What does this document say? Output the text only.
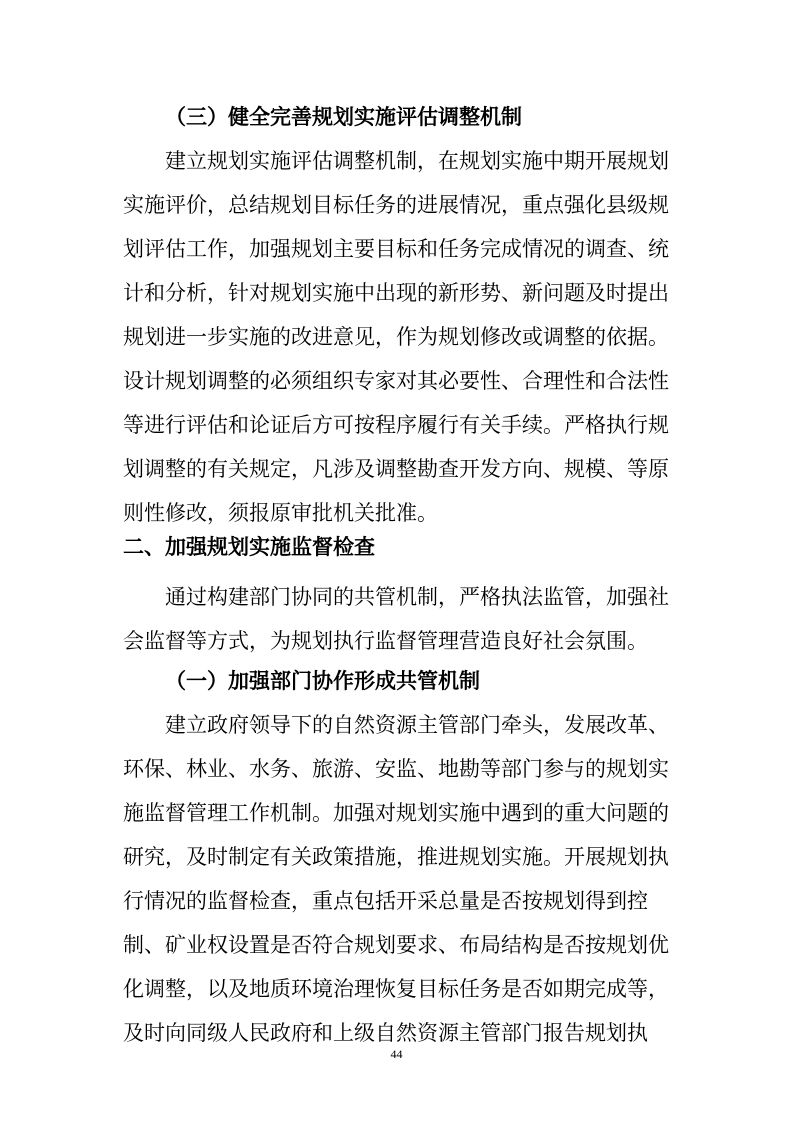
（三）健全完善规划实施评估调整机制
建立规划实施评估调整机制，在规划实施中期开展规划
实施评价，总结规划目标任务的进展情况，重点强化县级规
划评估工作，加强规划主要目标和任务完成情况的调查、统
计和分析，针对规划实施中出现的新形势、新问题及时提出
规划进一步实施的改进意见，作为规划修改或调整的依据。
设计规划调整的必须组织专家对其必要性、合理性和合法性
等进行评估和论证后方可按程序履行有关手续。严格执行规
划调整的有关规定，凡涉及调整勘查开发方向、规模、等原
则性修改，须报原审批机关批准。
二、加强规划实施监督检查
通过构建部门协同的共管机制，严格执法监管，加强社
会监督等方式，为规划执行监督管理营造良好社会氛围。
（一）加强部门协作形成共管机制
建立政府领导下的自然资源主管部门牵头，发展改革、
环保、林业、水务、旅游、安监、地勘等部门参与的规划实
施监督管理工作机制。加强对规划实施中遇到的重大问题的
研究，及时制定有关政策措施，推进规划实施。开展规划执
行情况的监督检查，重点包括开采总量是否按规划得到控
制、矿业权设置是否符合规划要求、布局结构是否按规划优
化调整，以及地质环境治理恢复目标任务是否如期完成等，
及时向同级人民政府和上级自然资源主管部门报告规划执
44
